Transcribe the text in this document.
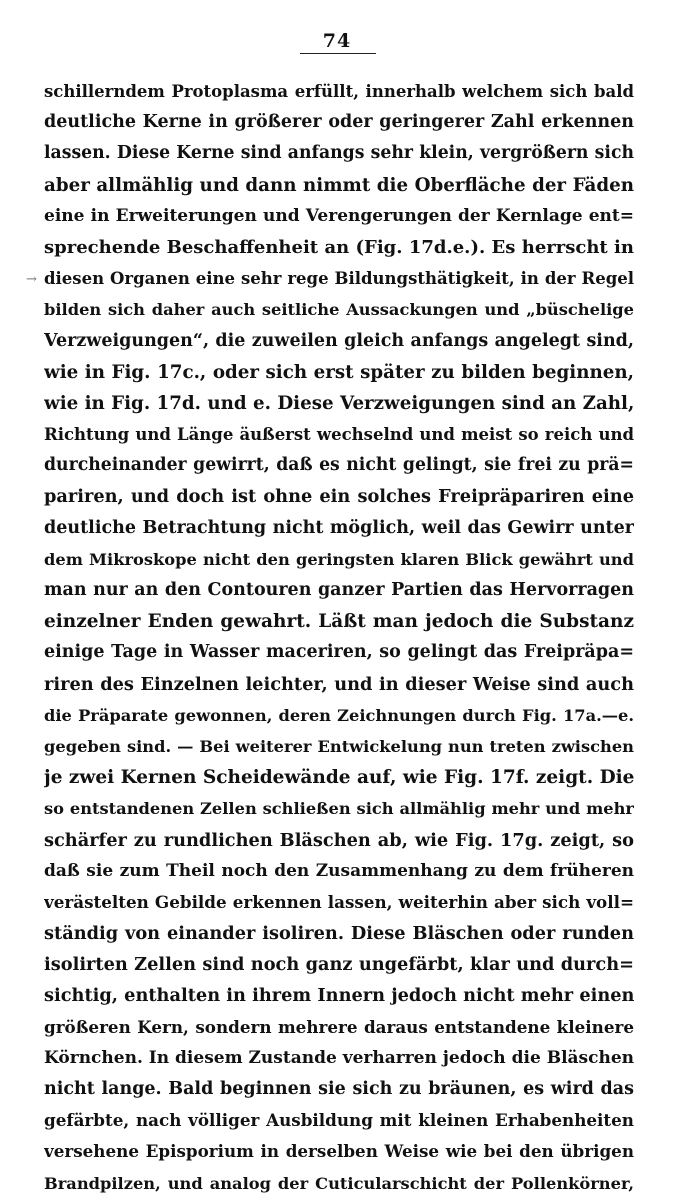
74
→
schillerndem Protoplasma erfüllt, innerhalb welchem sich bald
deutliche Kerne in größerer oder geringerer Zahl erkennen
lassen. Diese Kerne sind anfangs sehr klein, vergrößern sich
aber allmählig und dann nimmt die Oberfläche der Fäden
eine in Erweiterungen und Verengerungen der Kernlage ent=
sprechende Beschaffenheit an (Fig. 17d.e.). Es herrscht in
diesen Organen eine sehr rege Bildungsthätigkeit, in der Regel
bilden sich daher auch seitliche Aussackungen und „büschelige
Verzweigungen“, die zuweilen gleich anfangs angelegt sind,
wie in Fig. 17c., oder sich erst später zu bilden beginnen,
wie in Fig. 17d. und e. Diese Verzweigungen sind an Zahl,
Richtung und Länge äußerst wechselnd und meist so reich und
durcheinander gewirrt, daß es nicht gelingt, sie frei zu prä=
pariren, und doch ist ohne ein solches Freipräpariren eine
deutliche Betrachtung nicht möglich, weil das Gewirr unter
dem Mikroskope nicht den geringsten klaren Blick gewährt und
man nur an den Contouren ganzer Partien das Hervorragen
einzelner Enden gewahrt. Läßt man jedoch die Substanz
einige Tage in Wasser maceriren, so gelingt das Freipräpa=
riren des Einzelnen leichter, und in dieser Weise sind auch
die Präparate gewonnen, deren Zeichnungen durch Fig. 17a.—e.
gegeben sind. — Bei weiterer Entwickelung nun treten zwischen
je zwei Kernen Scheidewände auf, wie Fig. 17f. zeigt. Die
so entstandenen Zellen schließen sich allmählig mehr und mehr
schärfer zu rundlichen Bläschen ab, wie Fig. 17g. zeigt, so
daß sie zum Theil noch den Zusammenhang zu dem früheren
verästelten Gebilde erkennen lassen, weiterhin aber sich voll=
ständig von einander isoliren. Diese Bläschen oder runden
isolirten Zellen sind noch ganz ungefärbt, klar und durch=
sichtig, enthalten in ihrem Innern jedoch nicht mehr einen
größeren Kern, sondern mehrere daraus entstandene kleinere
Körnchen. In diesem Zustande verharren jedoch die Bläschen
nicht lange. Bald beginnen sie sich zu bräunen, es wird das
gefärbte, nach völliger Ausbildung mit kleinen Erhabenheiten
versehene Episporium in derselben Weise wie bei den übrigen
Brandpilzen, und analog der Cuticularschicht der Pollenkörner,
